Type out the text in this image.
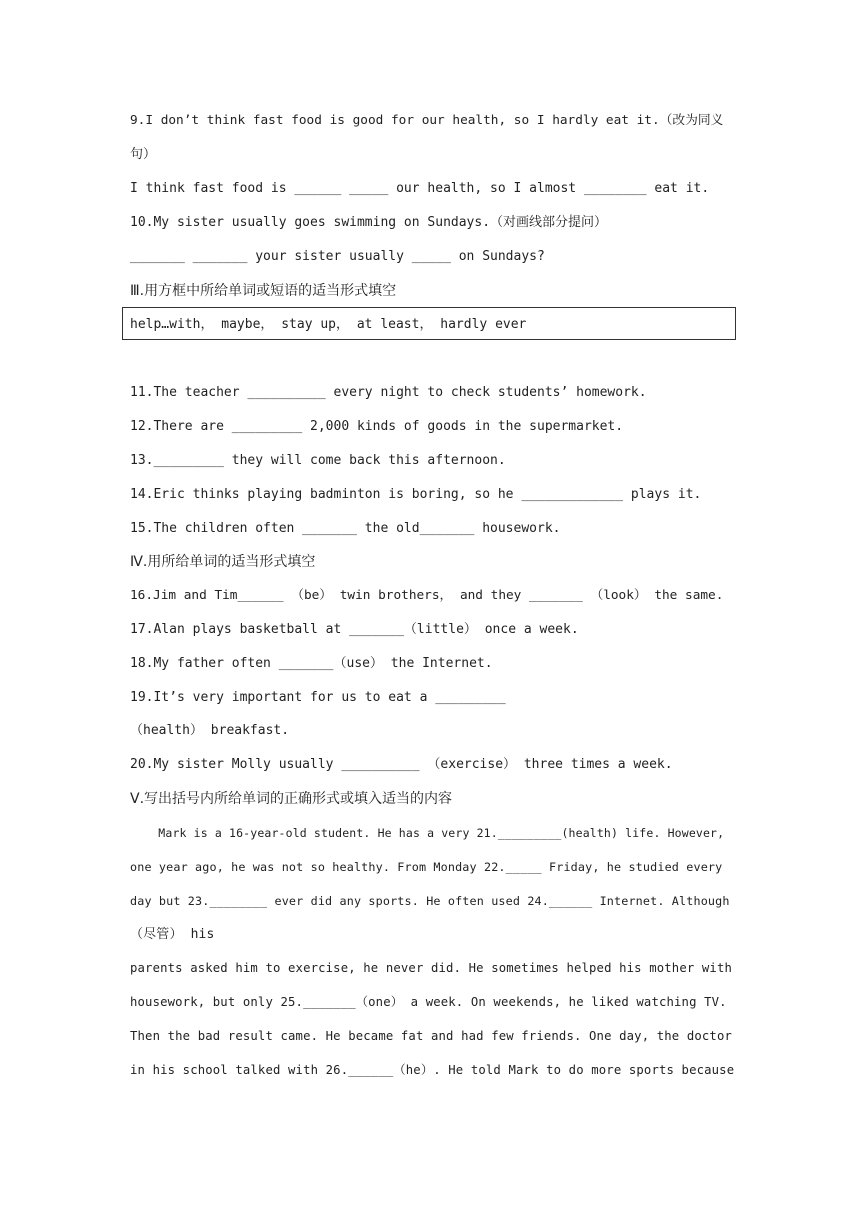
9.I don’t think fast food is good for our health, so I hardly eat it.（改为同义

句）

I think fast food is ______ _____ our health, so I almost ________ eat it.

10.My sister usually goes swimming on Sundays.（对画线部分提问）

_______ _______ your sister usually _____ on Sundays?

Ⅲ.用方框中所给单词或短语的适当形式填空

help…with， maybe， stay up， at least， hardly ever

11.The teacher __________ every night to check students’ homework.

12.There are _________ 2,000 kinds of goods in the supermarket.

13._________ they will come back this afternoon.

14.Eric thinks playing badminton is boring, so he _____________ plays it.

15.The children often _______ the old_______ housework.

Ⅳ.用所给单词的适当形式填空

16.Jim and Tim______ （be） twin brothers， and they _______ （look） the same.

17.Alan plays basketball at _______（little） once a week.

18.My father often _______（use） the Internet.

19.It’s very important for us to eat a _________

（health） breakfast.

20.My sister Molly usually __________ （exercise） three times a week.

Ⅴ.写出括号内所给单词的正确形式或填入适当的内容

Mark is a 16-year-old student. He has a very 21._________(health) life. However,

one year ago, he was not so healthy. From Monday 22._____ Friday, he studied every

day but 23.________ ever did any sports. He often used 24.______ Internet. Although

（尽管） his

parents asked him to exercise, he never did. He sometimes helped his mother with

housework, but only 25._______（one） a week. On weekends, he liked watching TV.

Then the bad result came. He became fat and had few friends. One day, the doctor

in his school talked with 26.______（he）. He told Mark to do more sports because
